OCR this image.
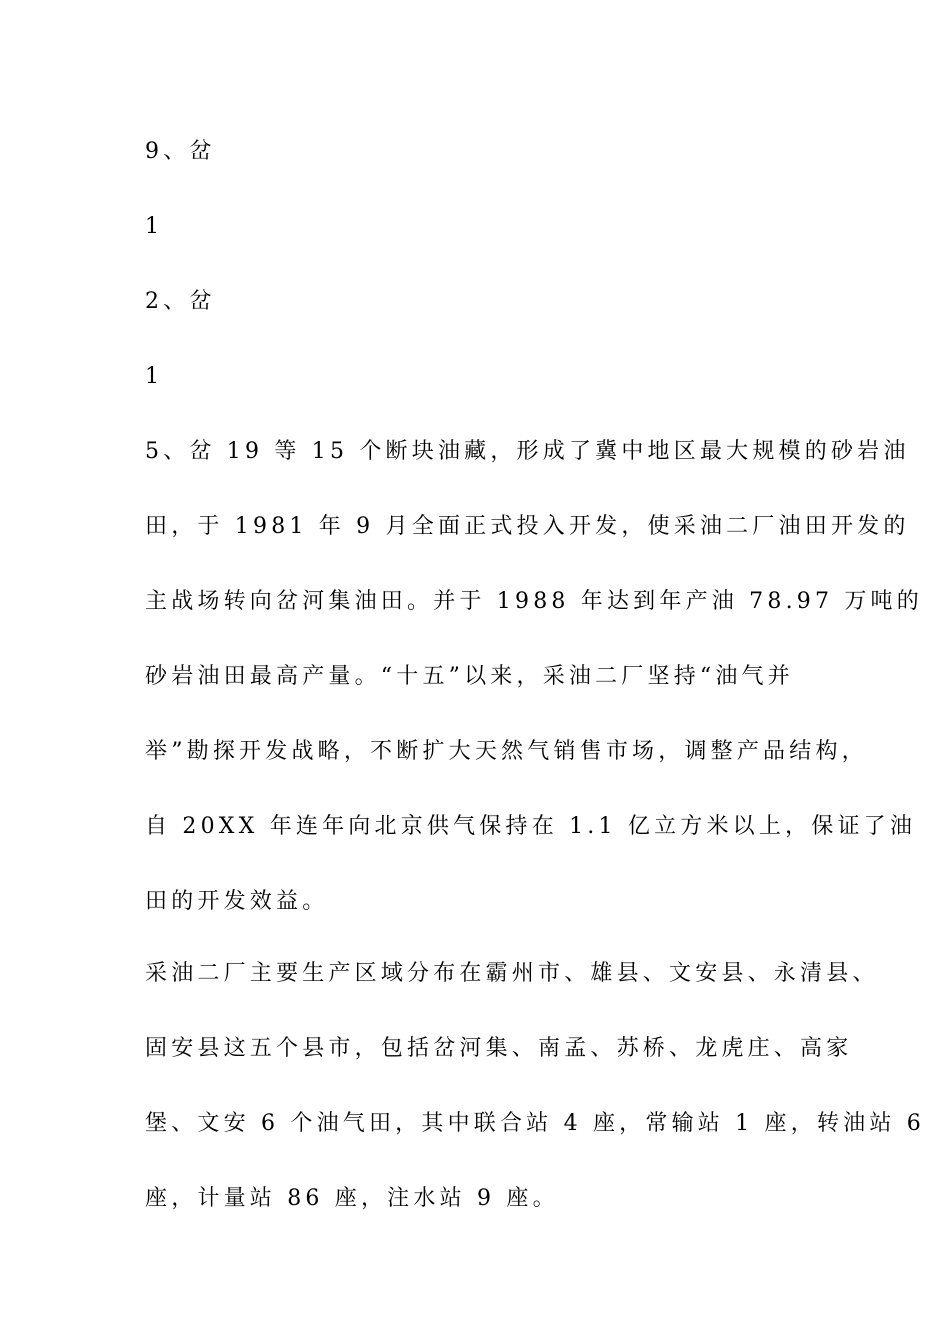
9、岔
1
2、岔
1
5、岔 19 等 15 个断块油藏，形成了冀中地区最大规模的砂岩油
田，于 1981 年 9 月全面正式投入开发，使采油二厂油田开发的
主战场转向岔河集油田。并于 1988 年达到年产油 78.97 万吨的
砂岩油田最高产量。“十五”以来，采油二厂坚持“油气并
举”勘探开发战略，不断扩大天然气销售市场，调整产品结构，
自 20XX 年连年向北京供气保持在 1.1 亿立方米以上，保证了油
田的开发效益。
采油二厂主要生产区域分布在霸州市、雄县、文安县、永清县、
固安县这五个县市，包括岔河集、南孟、苏桥、龙虎庄、高家
堡、文安 6 个油气田，其中联合站 4 座，常输站 1 座，转油站 6
座，计量站 86 座，注水站 9 座。
